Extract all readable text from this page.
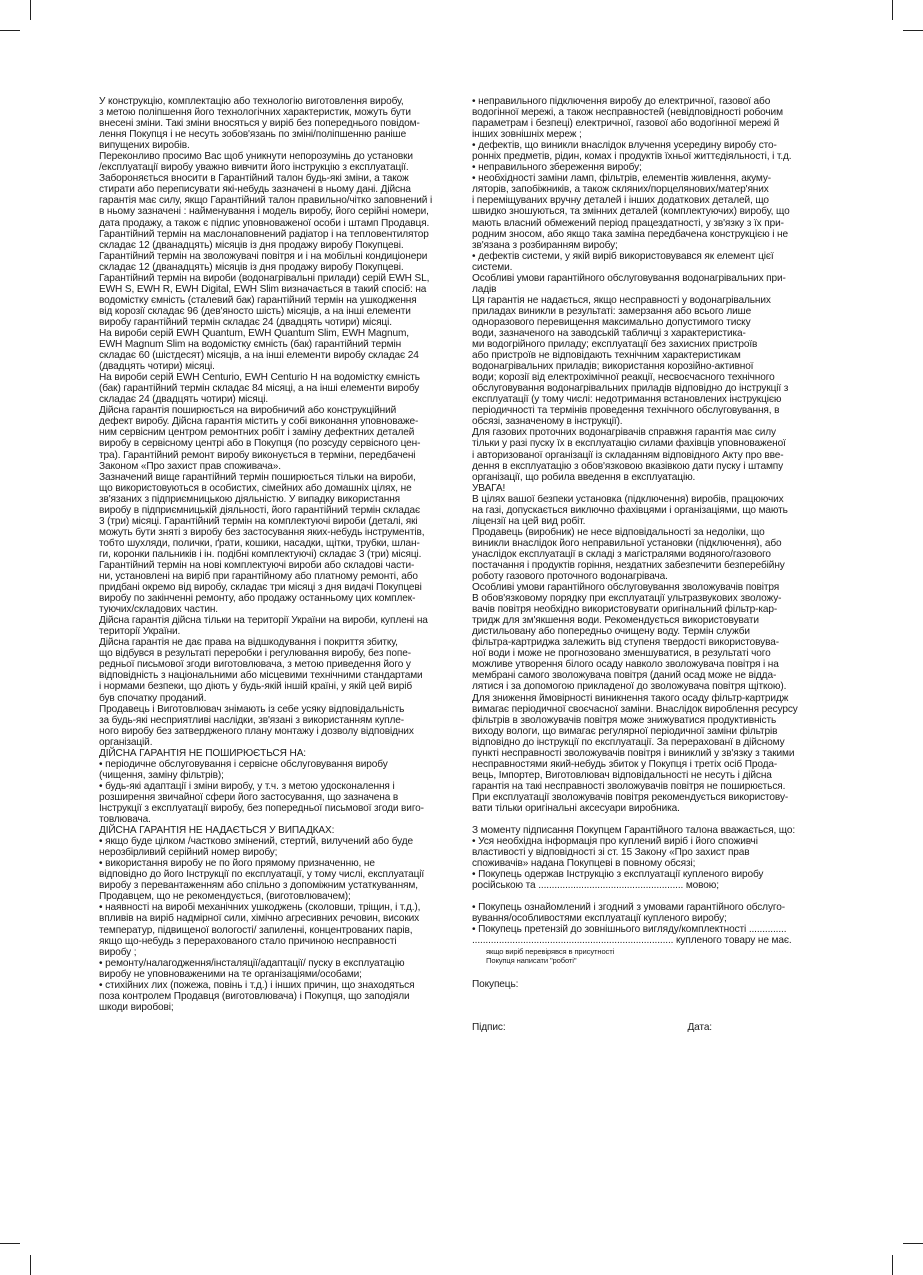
У конструкцію, комплектацію або технологію виготовлення виробу,
з метою поліпшення його технологічних характеристик, можуть бути
внесені зміни. Такі зміни вносяться у виріб без попереднього повідом-
лення Покупця і не несуть зобов'язань по зміні/поліпшенню раніше
випущених виробів.

Переконливо просимо Вас щоб уникнути непорозумінь до установки
/експлуатації виробу уважно вивчити його інструкцію з експлуатації.
Забороняється вносити в Гарантійний талон будь-які зміни, а також
стирати або переписувати які-небудь зазначені в ньому дані. Дійсна
гарантія має силу, якщо Гарантійний талон правильно/чітко заповнений і
в ньому зазначені : найменування і модель виробу, його серійні номери,
дата продажу, а також є підпис уповноваженої особи і штамп Продавця.

Гарантійний термін на маслонаповнений радіатор і на тепловентилятор
складає 12 (дванадцять) місяців із дня продажу виробу Покупцеві.

Гарантійний термін на зволожувачі повітря и і на мобільні кондиціонери
складає 12 (дванадцять) місяців із дня продажу виробу Покупцеві.

Гарантійний термін на вироби (водонагрівальні прилади) серій EWH SL,
EWH S, EWH R, EWH Digital, EWH Slim визначається в такий спосіб: на
водомістку ємність (сталевий бак) гарантійний термін на ушкодження
від корозії складає 96 (дев'яносто шість) місяців, а на інші елементи
виробу гарантійний термін складає 24 (двадцять чотири) місяці.

На вироби серій EWH Quantum, EWH Quantum Slim, EWH Magnum,
EWH Magnum Slim на водомістку ємність (бак) гарантійний термін
складає 60 (шістдесят) місяців, а на інші елементи виробу складає 24
(двадцять чотири) місяці.

На вироби серій EWH Centurio, EWH Centurio H на водомістку ємність
(бак) гарантійний термін складає 84 місяці, а на інші елементи виробу
складає 24 (двадцять чотири) місяці.

Дійсна гарантія поширюється на виробничий або конструкційний
дефект виробу. Дійсна гарантія містить у собі виконання уповноваже-
ним сервісним центром ремонтних робіт і заміну дефектних деталей
виробу в сервісному центрі або в Покупця (по розсуду сервісного цен-
тра). Гарантійний ремонт виробу виконується в терміни, передбачені
Законом «Про захист прав споживача».

Зазначений вище гарантійний термін поширюється тільки на вироби,
що використовуються в особистих, сімейних або домашніх цілях, не
зв'язаних з підприємницькою діяльністю. У випадку використання
виробу в підприємницькій діяльності, його гарантійний термін складає
3 (три) місяці. Гарантійний термін на комплектуючі вироби (деталі, які
можуть бути зняті з виробу без застосування яких-небудь інструментів,
тобто шухляди, полички, ґрати, кошики, насадки, щітки, трубки, шлан-
ги, коронки пальників і ін. подібні комплектуючі) складає 3 (три) місяці.

Гарантійний термін на нові комплектуючі вироби або складові части-
ни, установлені на виріб при гарантійному або платному ремонті, або
придбані окремо від виробу, складає три місяці з дня видачі Покупцеві
виробу по закінченні ремонту, або продажу останньому цих комплек-
туючих/складових частин.

Дійсна гарантія дійсна тільки на території України на вироби, куплені на
території України.

Дійсна гарантія не дає права на відшкодування і покриття збитку,
що відбувся в результаті переробки і регулювання виробу, без попе-
редньої письмової згоди виготовлювача, з метою приведення його у
відповідність з національними або місцевими технічними стандартами
і нормами безпеки, що діють у будь-якій іншій країні, у якій цей виріб
був спочатку проданий.

Продавець і Виготовлювач знімають із себе усяку відповідальність
за будь-які несприятливі наслідки, зв'язані з використанням купле-
ного виробу без затвердженого плану монтажу і дозволу відповідних
організацій.

ДІЙСНА ГАРАНТІЯ НЕ ПОШИРЮЄТЬСЯ НА:

• періодичне обслуговування і сервісне обслуговування виробу
(чищення, заміну фільтрів);

• будь-які адаптації і зміни виробу, у т.ч. з метою удосконалення і
розширення звичайної сфери його застосування, що зазначена в
Інструкції з експлуатації виробу, без попередньої письмової згоди виго-
товлювача.

ДІЙСНА ГАРАНТІЯ НЕ НАДАЄТЬСЯ У ВИПАДКАХ:

• якщо буде цілком /частково змінений, стертий, вилучений або буде
нерозбірливий серійний номер виробу;

• використання виробу не по його прямому призначенню, не
відповідно до його Інструкції по експлуатації, у тому числі, експлуатації
виробу з перевантаженням або спільно з допоміжним устаткуванням,
Продавцем, що не рекомендується, (виготовлювачем);

• наявності на виробі механічних ушкоджень (сколовши, тріщин, і т.д.),
впливів на виріб надмірної сили, хімічно агресивних речовин, високих
температур, підвищеної вологості/ запиленні, концентрованих парів,
якщо що-небудь з перерахованого стало причиною несправності
виробу ;

• ремонту/налагодження/інсталяції/адаптації/ пуску в експлуатацію
виробу не уповноваженими на те організаціями/особами;

• стихійних лих (пожежа, повінь і т.д.) і інших причин, що знаходяться
поза контролем Продавця (виготовлювача) і Покупця, що заподіяли
шкоди виробові;

• неправильного підключення виробу до електричної, газової або
водогінної мережі, а також несправностей (невідповідності робочим
параметрам і безпеці) електричної, газової або водогінної мережі й
інших зовнішніх мереж ;

• дефектів, що виникли внаслідок влучення усередину виробу сто-
ронніх предметів, рідин, комах і продуктів їхньої життєдіяльності, і т.д.

• неправильного збереження виробу;

• необхідності заміни ламп, фільтрів, елементів живлення, акуму-
ляторів, запобіжників, а також скляних/порцелянових/матер'яних
і переміщуваних вручну деталей і інших додаткових деталей, що
швидко зношуються, та змінних деталей (комплектуючих) виробу, що
мають власний обмежений період працездатності, у зв'язку з їх при-
родним зносом, або якщо така заміна передбачена конструкцією і не
зв'язана з розбиранням виробу;

• дефектів системи, у якій виріб використовувався як елемент цієї
системи.

Особливі умови гарантійного обслуговування водонагрівальних при-
ладів

Ця гарантія не надається, якщо несправності у водонагрівальних
приладах виникли в результаті: замерзання або всього лише
одноразового перевищення максимально допустимого тиску
води, зазначеного на заводській табличці з характеристика-
ми водогрійного приладу; експлуатації без захисних пристроїв
або пристроїв не відповідають технічним характеристикам
водонагрівальних приладів; використання корозійно-активної
води; корозії від електрохімічної реакції, несвоєчасного технічного
обслуговування водонагрівальних приладів відповідно до інструкції з
експлуатації (у тому числі: недотримання встановлених інструкцією
періодичності та термінів проведення технічного обслуговування, в
обсязі, зазначеному в інструкції).

Для газових проточних водонагрівачів справжня гарантія має силу
тільки у разі пуску їх в експлуатацію силами фахівців уповноваженої
і авторизованої організації із складанням відповідного Акту про вве-
дення в експлуатацію з обов'язковою вказівкою дати пуску і штампу
організації, що робила введення в експлуатацію.

УВАГА!

В цілях вашої безпеки установка (підключення) виробів, працюючих
на газі, допускається виключно фахівцями і організаціями, що мають
ліцензії на цей вид робіт.

Продавець (виробник) не несе відповідальності за недоліки, що
виникли внаслідок його неправильної установки (підключення), або
унаслідок експлуатації в складі з магістралями водяного/газового
постачання і продуктів горіння, нездатних забезпечити безперебійну
роботу газового проточного водонагрівача.

Особливі умови гарантійного обслуговування зволожувачів повітря

В обов'язковому порядку при експлуатації ультразвукових зволожу-
вачів повітря необхідно використовувати оригінальний фільтр-кар-
тридж для зм'якшення води. Рекомендується використовувати
дистильовану або попередньо очищену воду. Термін служби
фільтра-картриджа залежить від ступеня твердості використовува-
ної води і може не прогнозовано зменшуватися, в результаті чого
можливе утворення білого осаду навколо зволожувача повітря і на
мембрані самого зволожувача повітря (даний осад може не відда-
лятися і за допомогою прикладеної до зволожувача повітря щіткою).

Для зниження ймовірності виникнення такого осаду фільтр-картридж
вимагає періодичної своєчасної заміни. Внаслідок вироблення ресурсу
фільтрів в зволожувачів повітря може знижуватися продуктивність
виходу вологи, що вимагає регулярної періодичної заміни фільтрів
відповідно до інструкції по експлуатації. За перерахованї в дійсному
пункті несправності зволожувачів повітря і виниклий у зв'язку з такими
несправностями який-небудь збиток у Покупця і третіх осіб Прода-
вець, Імпортер, Виготовлювач відповідальності не несуть і дійсна
гарантія на такі несправності зволожувачів повітря не поширюється.

При експлуатації зволожувачів повітря рекомендується використову-
вати тільки оригінальні аксесуари виробника.

З моменту підписання Покупцем Гарантійного талона вважається, що:

• Уся необхідна інформація про куплений виріб і його споживчі
властивості у відповідності зі ст. 15 Закону «Про захист прав
споживачів» надана Покупцеві в повному обсязі;

• Покупець одержав Інструкцію з експлуатації купленого виробу
російською та ...................................................... мовою;

• Покупець ознайомлений і згодний з умовами гарантійного обслуго-
вування/особливостями експлуатації купленого виробу;

• Покупець претензій до зовнішнього вигляду/комплектності ..............
........................................................................... купленого товару не має.

якщо виріб перевірявся в присутності
Покупця написати "роботі"

Покупець:

Підпис:	Дата:
